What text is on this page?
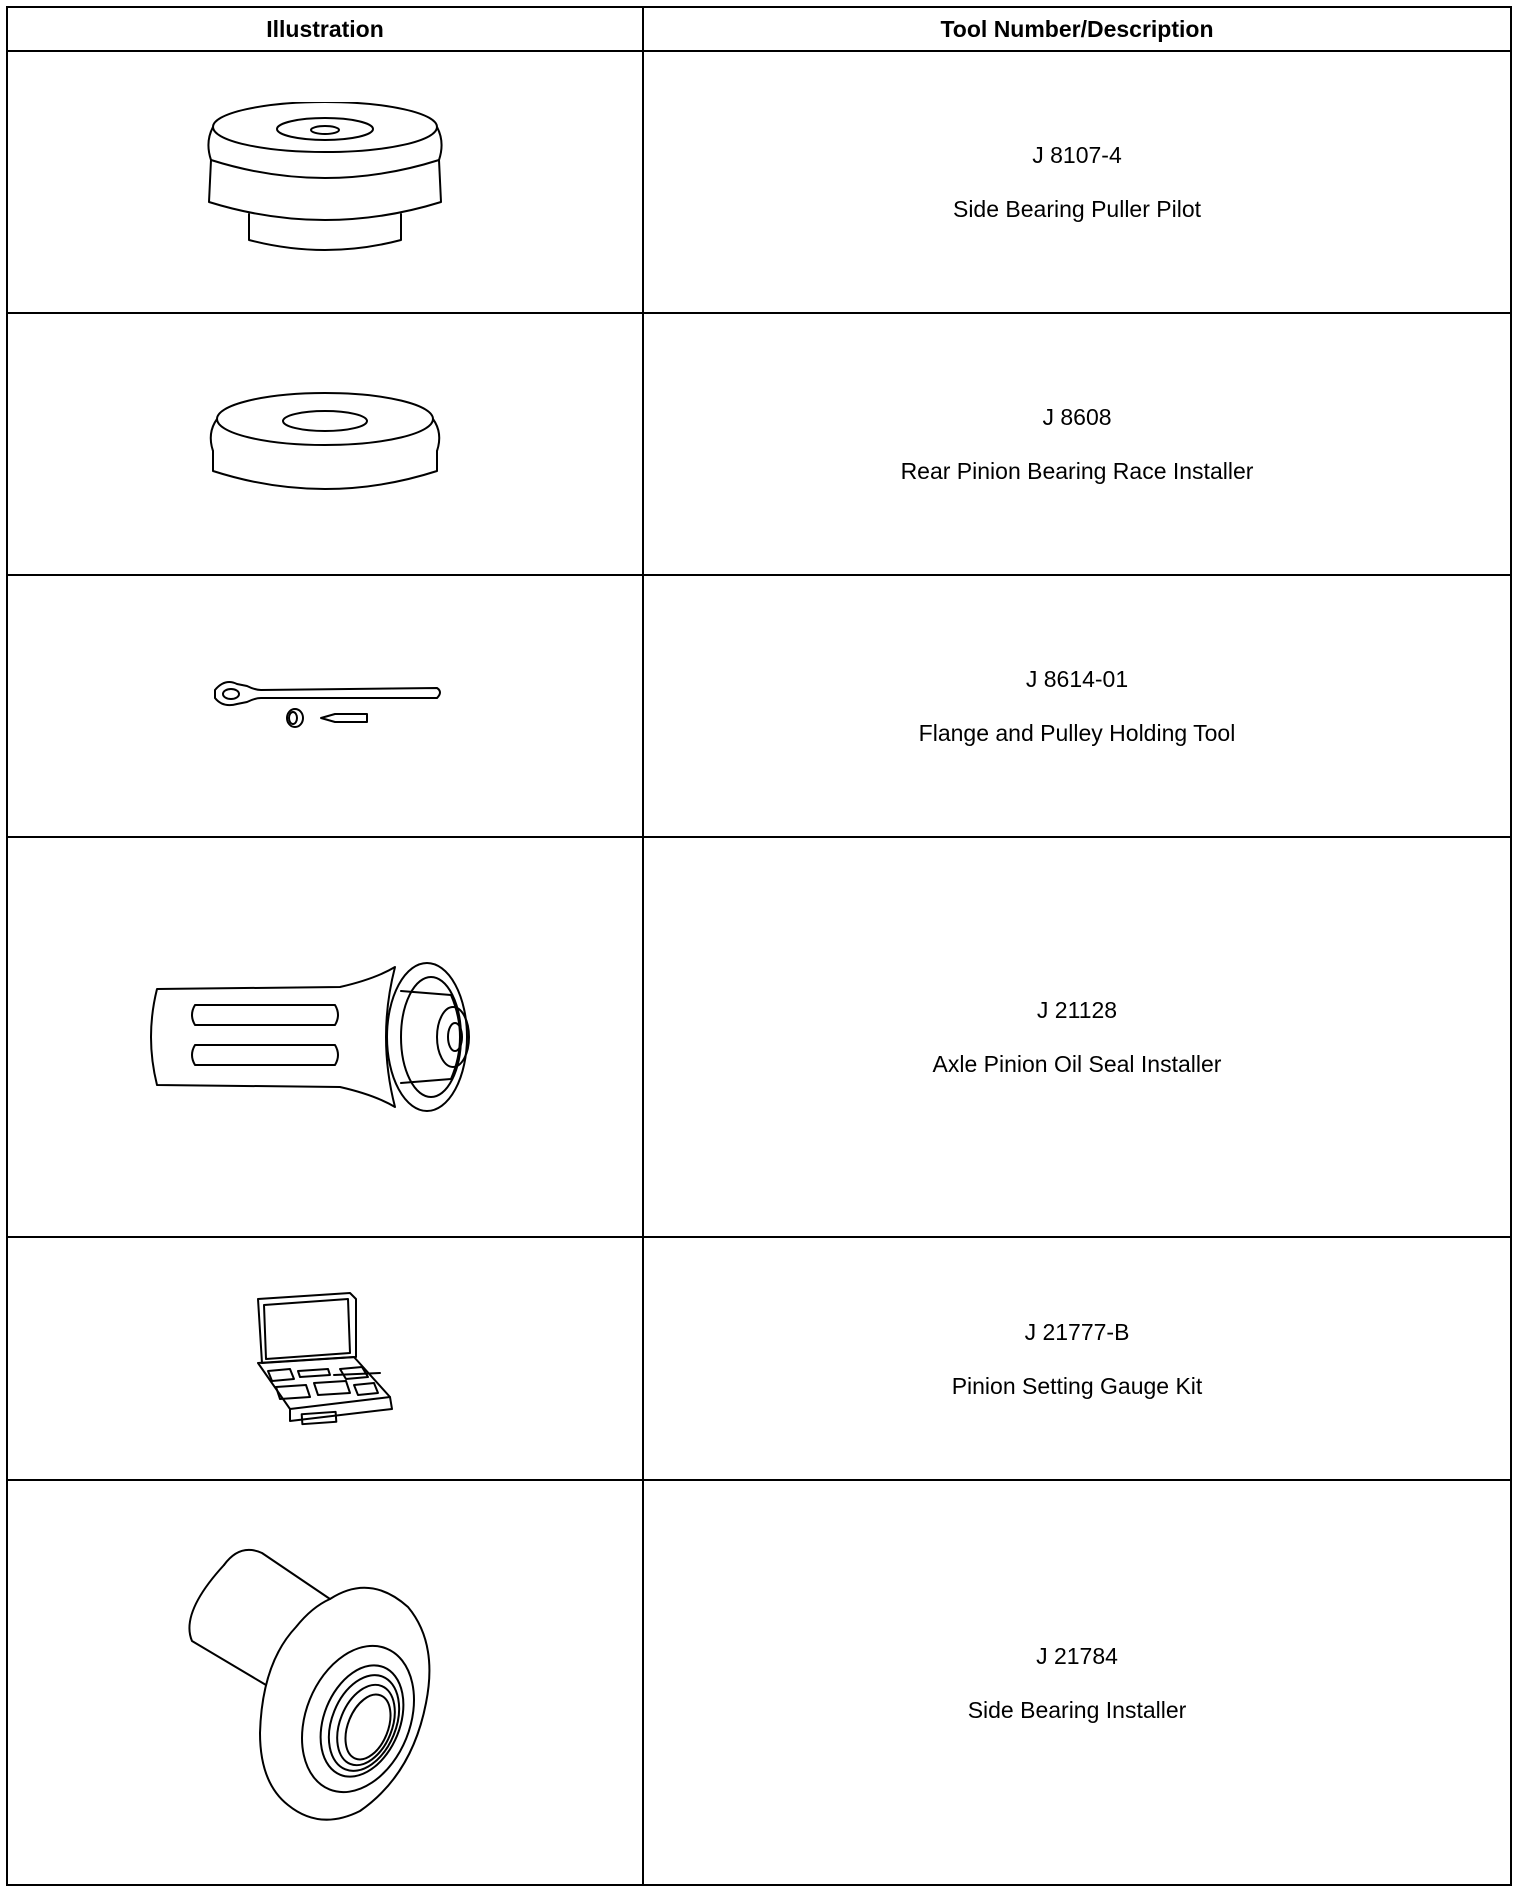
Illustration	Tool Number/Description

J 8107-4
Side Bearing Puller Pilot

J 8608
Rear Pinion Bearing Race Installer

J 8614-01
Flange and Pulley Holding Tool

J 21128
Axle Pinion Oil Seal Installer

J 21777-B
Pinion Setting Gauge Kit

J 21784
Side Bearing Installer
